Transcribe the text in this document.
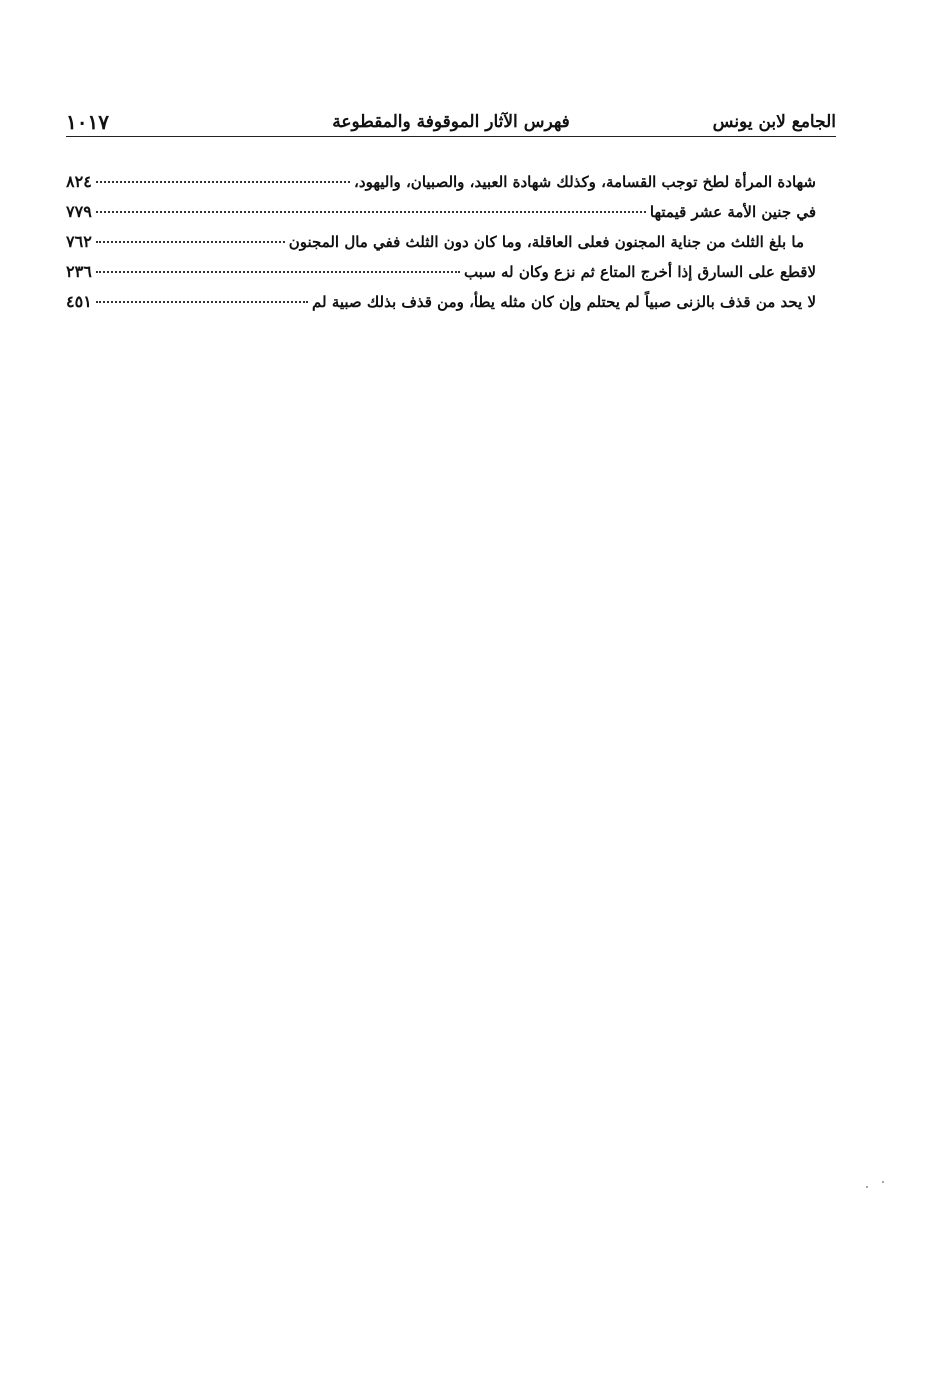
الجامع لابن يونس
فهرس الآثار الموقوفة والمقطوعة
١٠١٧
شهادة المرأة لطخ توجب القسامة، وكذلك شهادة العبيد، والصبيان، واليهود،
٨٢٤
في جنين الأمة عشر قيمتها
٧٧٩
ما بلغ الثلث من جناية المجنون فعلى العاقلة، وما كان دون الثلث ففي مال المجنون
٧٦٢
لاقطع على السارق إذا أخرج المتاع ثم نزع وكان له سبب
٢٣٦
لا يحد من قذف بالزنى صبياً لم يحتلم وإن كان مثله يطأ، ومن قذف بذلك صبية لم
٤٥١
